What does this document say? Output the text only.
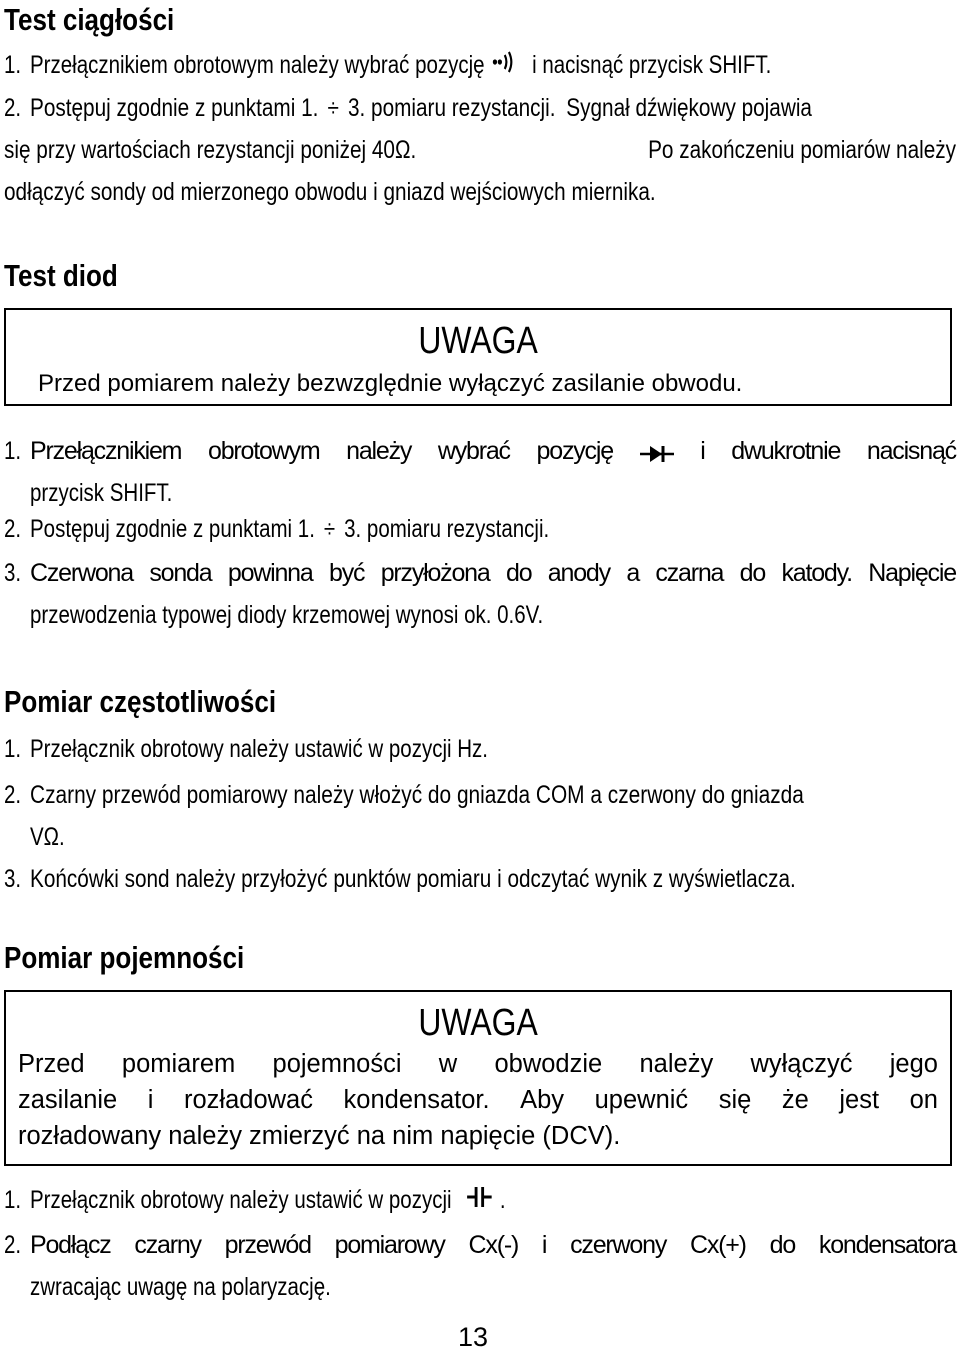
Test ciągłości
1. Przełącznikiem obrotowym należy wybrać pozycję i nacisnąć przycisk SHIFT.
2. Postępuj zgodnie z punktami 1. ÷ 3. pomiaru rezystancji. Sygnał dźwiękowy pojawia
się przy wartościach rezystancji poniżej 40Ω.	Po zakończeniu pomiarów należy
odłączyć sondy od mierzonego obwodu i gniazd wejściowych miernika.
Test diod
UWAGA
Przed pomiarem należy bezwzględnie wyłączyć zasilanie obwodu.
1. Przełącznikiem obrotowym należy wybrać pozycję	i dwukrotnie nacisnąć
przycisk SHIFT.
2. Postępuj zgodnie z punktami 1. ÷ 3. pomiaru rezystancji.
3. Czerwona sonda powinna być przyłożona do anody a czarna do katody. Napięcie
przewodzenia typowej diody krzemowej wynosi ok. 0.6V.
Pomiar częstotliwości
1. Przełącznik obrotowy należy ustawić w pozycji Hz.
2. Czarny przewód pomiarowy należy włożyć do gniazda COM a czerwony do gniazda
VΩ.
3. Końcówki sond należy przyłożyć punktów pomiaru i odczytać wynik z wyświetlacza.
Pomiar pojemności
UWAGA
Przed pomiarem pojemności w obwodzie należy wyłączyć jego
zasilanie i rozładować kondensator. Aby upewnić się że jest on
rozładowany należy zmierzyć na nim napięcie (DCV).
1. Przełącznik obrotowy należy ustawić w pozycji .
2. Podłącz czarny przewód pomiarowy Cx(-) i czerwony Cx(+) do kondensatora
zwracając uwagę na polaryzację.
13
